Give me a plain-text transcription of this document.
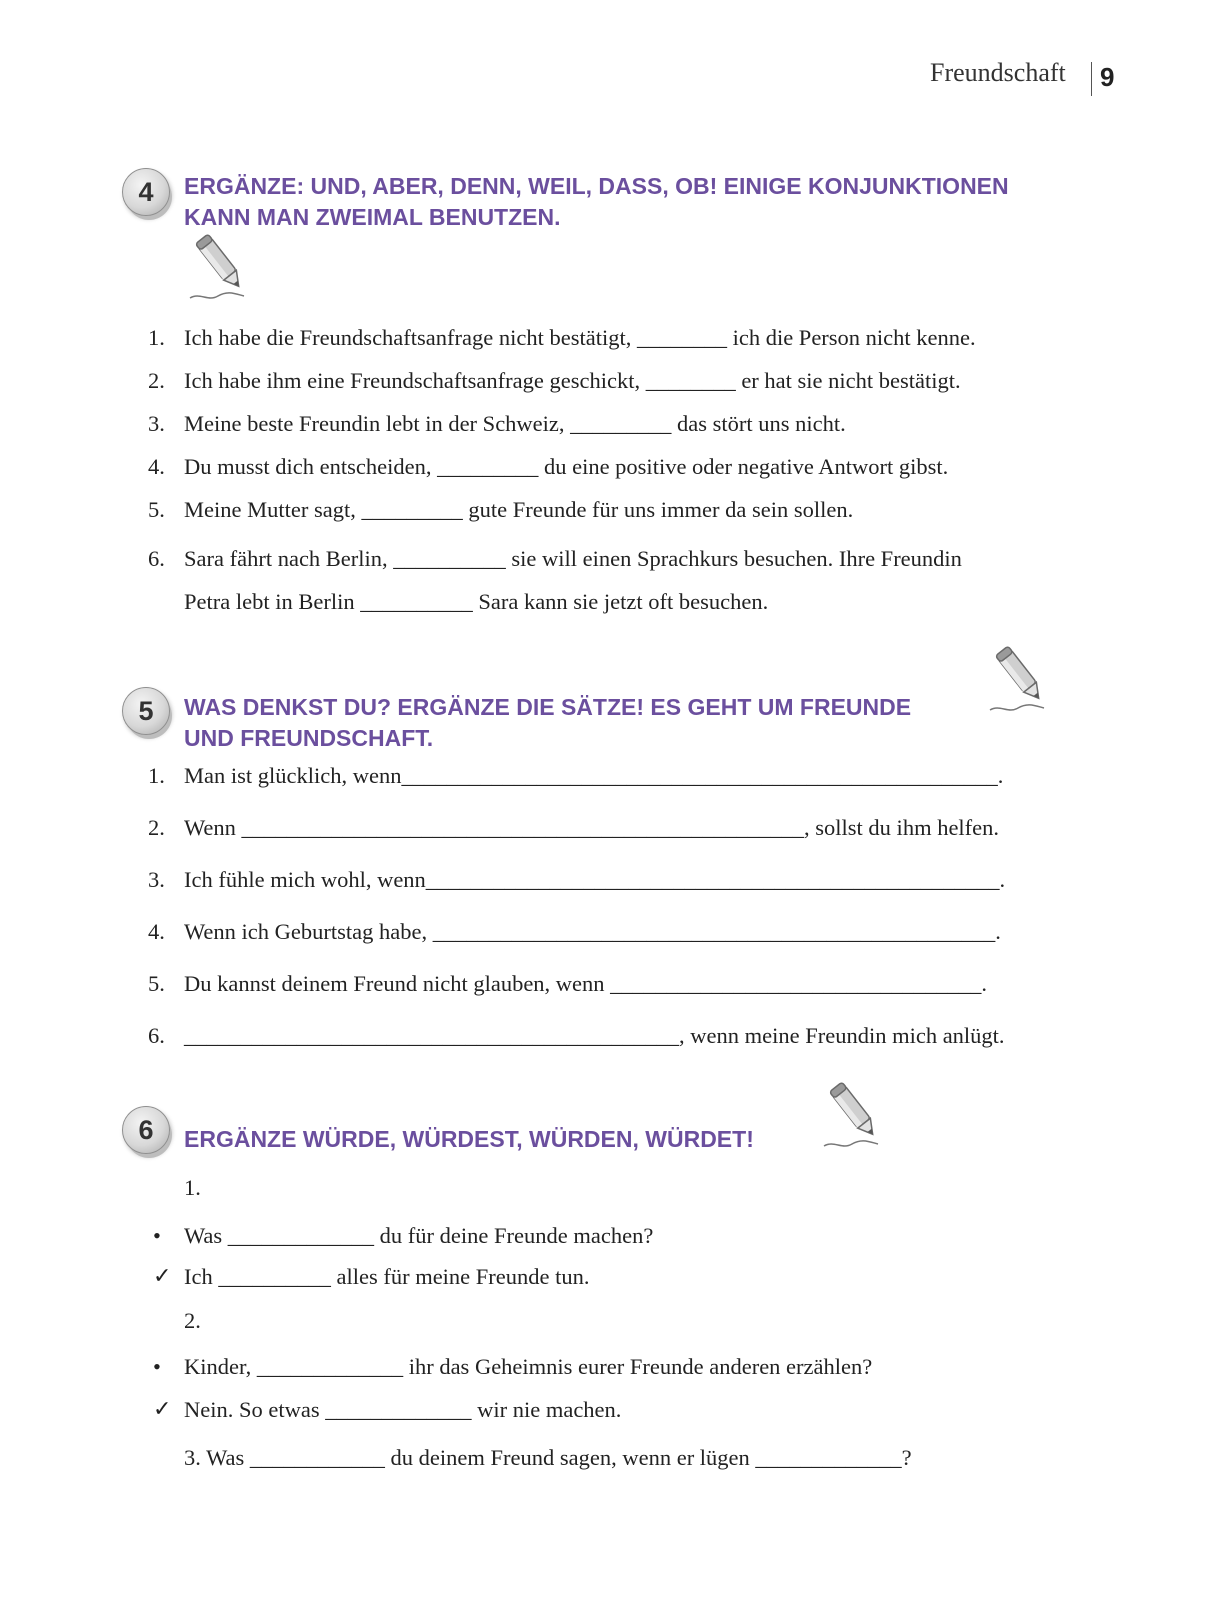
Freundschaft 9
4	ERGÄNZE: UND, ABER, DENN, WEIL, DASS, OB! EINIGE KONJUNKTIONEN
KANN MAN ZWEIMAL BENUTZEN.
1. Ich habe die Freundschaftsanfrage nicht bestätigt, ________ ich die Person nicht kenne.
2. Ich habe ihm eine Freundschaftsanfrage geschickt, ________ er hat sie nicht bestätigt.
3. Meine beste Freundin lebt in der Schweiz, _________ das stört uns nicht.
4. Du musst dich entscheiden, _________ du eine positive oder negative Antwort gibst.
5. Meine Mutter sagt, _________ gute Freunde für uns immer da sein sollen.
6. Sara fährt nach Berlin, __________ sie will einen Sprachkurs besuchen. Ihre Freundin
Petra lebt in Berlin __________ Sara kann sie jetzt oft besuchen.
5	WAS DENKST DU? ERGÄNZE DIE SÄTZE! ES GEHT UM FREUNDE
UND FREUNDSCHAFT.
1. Man ist glücklich, wenn_____________________________________________________.
2. Wenn __________________________________________________, sollst du ihm helfen.
3. Ich fühle mich wohl, wenn___________________________________________________.
4. Wenn ich Geburtstag habe, __________________________________________________.
5. Du kannst deinem Freund nicht glauben, wenn _________________________________.
6. ____________________________________________, wenn meine Freundin mich anlügt.
6	ERGÄNZE WÜRDE, WÜRDEST, WÜRDEN, WÜRDET!
1.
• Was _____________ du für deine Freunde machen?
✓ Ich __________ alles für meine Freunde tun.
2.
• Kinder, _____________ ihr das Geheimnis eurer Freunde anderen erzählen?
✓ Nein. So etwas _____________ wir nie machen.
3. Was ____________ du deinem Freund sagen, wenn er lügen _____________?
